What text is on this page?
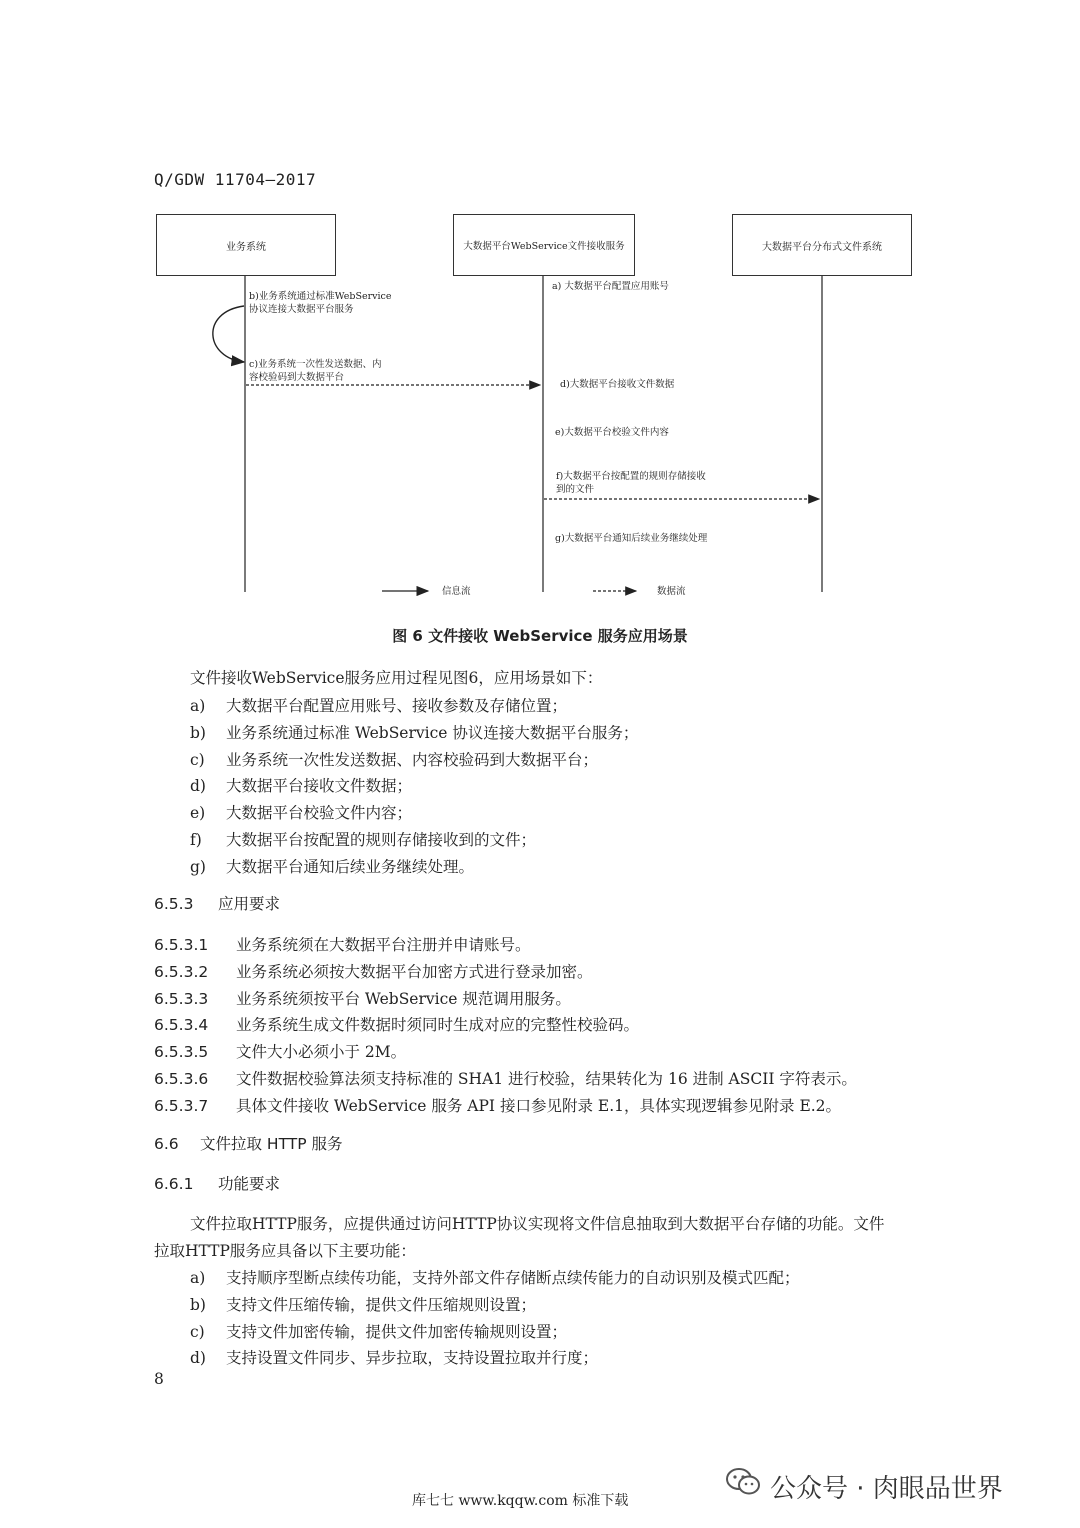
Q/GDW 11704—2017
业务系统	大数据平台WebService文件接收服务	大数据平台分布式文件系统
a) 大数据平台配置应用账号
b)业务系统通过标准WebService
协议连接大数据平台服务
c)业务系统一次性发送数据、内
容校验码到大数据平台
d)大数据平台接收文件数据
e)大数据平台校验文件内容
f)大数据平台按配置的规则存储接收
到的文件
g)大数据平台通知后续业务继续处理
信息流	数据流
图 6 文件接收 WebService 服务应用场景
文件接收WebService服务应用过程见图6，应用场景如下：
a) 大数据平台配置应用账号、接收参数及存储位置；
b) 业务系统通过标准 WebService 协议连接大数据平台服务；
c) 业务系统一次性发送数据、内容校验码到大数据平台；
d) 大数据平台接收文件数据；
e) 大数据平台校验文件内容；
f) 大数据平台按配置的规则存储接收到的文件；
g) 大数据平台通知后续业务继续处理。
6.5.3 应用要求
6.5.3.1 业务系统须在大数据平台注册并申请账号。
6.5.3.2 业务系统必须按大数据平台加密方式进行登录加密。
6.5.3.3 业务系统须按平台 WebService 规范调用服务。
6.5.3.4 业务系统生成文件数据时须同时生成对应的完整性校验码。
6.5.3.5 文件大小必须小于 2M。
6.5.3.6 文件数据校验算法须支持标准的 SHA1 进行校验，结果转化为 16 进制 ASCII 字符表示。
6.5.3.7 具体文件接收 WebService 服务 API 接口参见附录 E.1，具体实现逻辑参见附录 E.2。
6.6 文件拉取 HTTP 服务
6.6.1 功能要求
文件拉取HTTP服务，应提供通过访问HTTP协议实现将文件信息抽取到大数据平台存储的功能。文件
拉取HTTP服务应具备以下主要功能：
a) 支持顺序型断点续传功能，支持外部文件存储断点续传能力的自动识别及模式匹配；
b) 支持文件压缩传输，提供文件压缩规则设置；
c) 支持文件加密传输，提供文件加密传输规则设置；
d) 支持设置文件同步、异步拉取，支持设置拉取并行度；
8
库七七 www.kqqw.com 标准下载	公众号 · 肉眼品世界
